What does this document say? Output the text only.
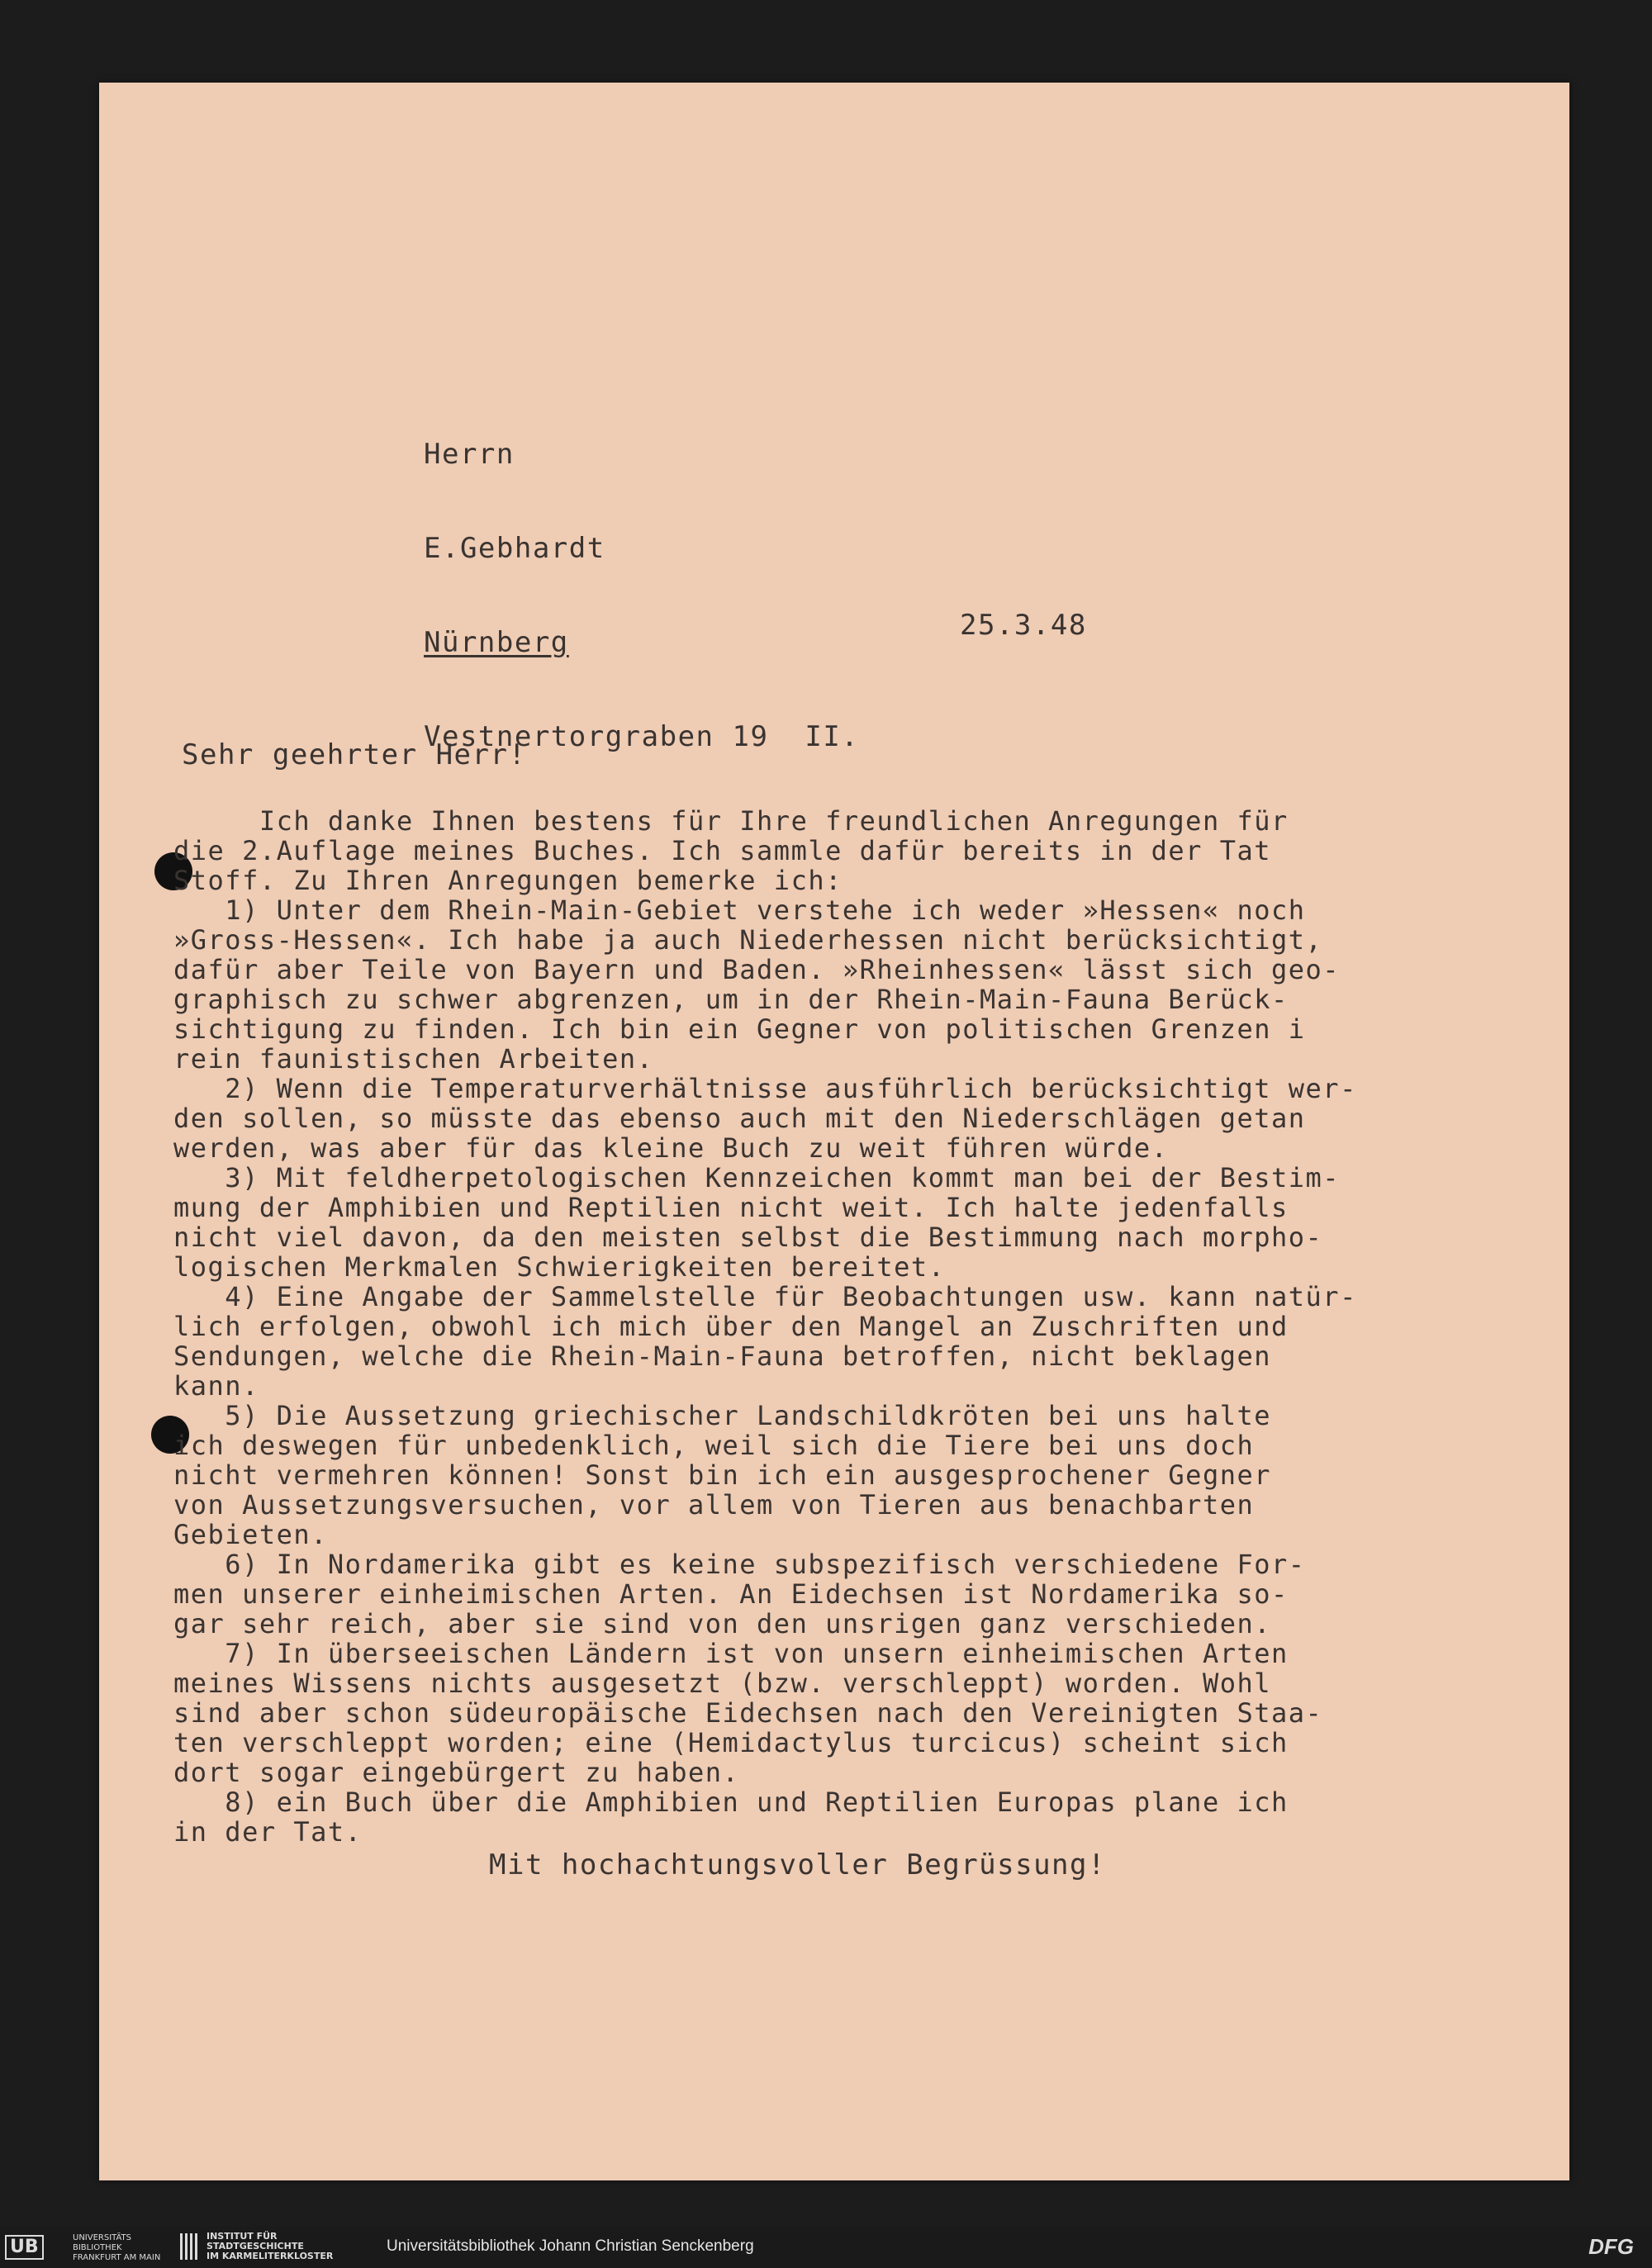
Herrn

E.Gebhardt

Nürnberg

Vestnertorgraben 19  II.

25.3.48
Sehr geehrter Herr!
Ich danke Ihnen bestens für Ihre freundlichen Anregungen für
die 2.Auflage meines Buches. Ich sammle dafür bereits in der Tat
Stoff. Zu Ihren Anregungen bemerke ich:
1) Unter dem Rhein-Main-Gebiet verstehe ich weder »Hessen« noch
»Gross-Hessen«. Ich habe ja auch Niederhessen nicht berücksichtigt,
dafür aber Teile von Bayern und Baden. »Rheinhessen« lässt sich geo-
graphisch zu schwer abgrenzen, um in der Rhein-Main-Fauna Berück-
sichtigung zu finden. Ich bin ein Gegner von politischen Grenzen i
rein faunistischen Arbeiten.
2) Wenn die Temperaturverhältnisse ausführlich berücksichtigt wer-
den sollen, so müsste das ebenso auch mit den Niederschlägen getan
werden, was aber für das kleine Buch zu weit führen würde.
3) Mit feldherpetologischen Kennzeichen kommt man bei der Bestim-
mung der Amphibien und Reptilien nicht weit. Ich halte jedenfalls
nicht viel davon, da den meisten selbst die Bestimmung nach morpho-
logischen Merkmalen Schwierigkeiten bereitet.
4) Eine Angabe der Sammelstelle für Beobachtungen usw. kann natür-
lich erfolgen, obwohl ich mich über den Mangel an Zuschriften und
Sendungen, welche die Rhein-Main-Fauna betroffen, nicht beklagen
kann.
5) Die Aussetzung griechischer Landschildkröten bei uns halte
ich deswegen für unbedenklich, weil sich die Tiere bei uns doch
nicht vermehren können! Sonst bin ich ein ausgesprochener Gegner
von Aussetzungsversuchen, vor allem von Tieren aus benachbarten
Gebieten.
6) In Nordamerika gibt es keine subspezifisch verschiedene For-
men unserer einheimischen Arten. An Eidechsen ist Nordamerika so-
gar sehr reich, aber sie sind von den unsrigen ganz verschieden.
7) In überseeischen Ländern ist von unsern einheimischen Arten
meines Wissens nichts ausgesetzt (bzw. verschleppt) worden. Wohl
sind aber schon südeuropäische Eidechsen nach den Vereinigten Staa-
ten verschleppt worden; eine (Hemidactylus turcicus) scheint sich
dort sogar eingebürgert zu haben.
8) ein Buch über die Amphibien und Reptilien Europas plane ich
in der Tat.
Mit hochachtungsvoller Begrüssung!
UB	UNIVERSITÄTS
BIBLIOTHEK
FRANKFURT AM MAIN
INSTITUT FÜR
STADTGESCHICHTE
IM KARMELITERKLOSTER
Universitätsbibliothek Johann Christian Senckenberg	DFG
